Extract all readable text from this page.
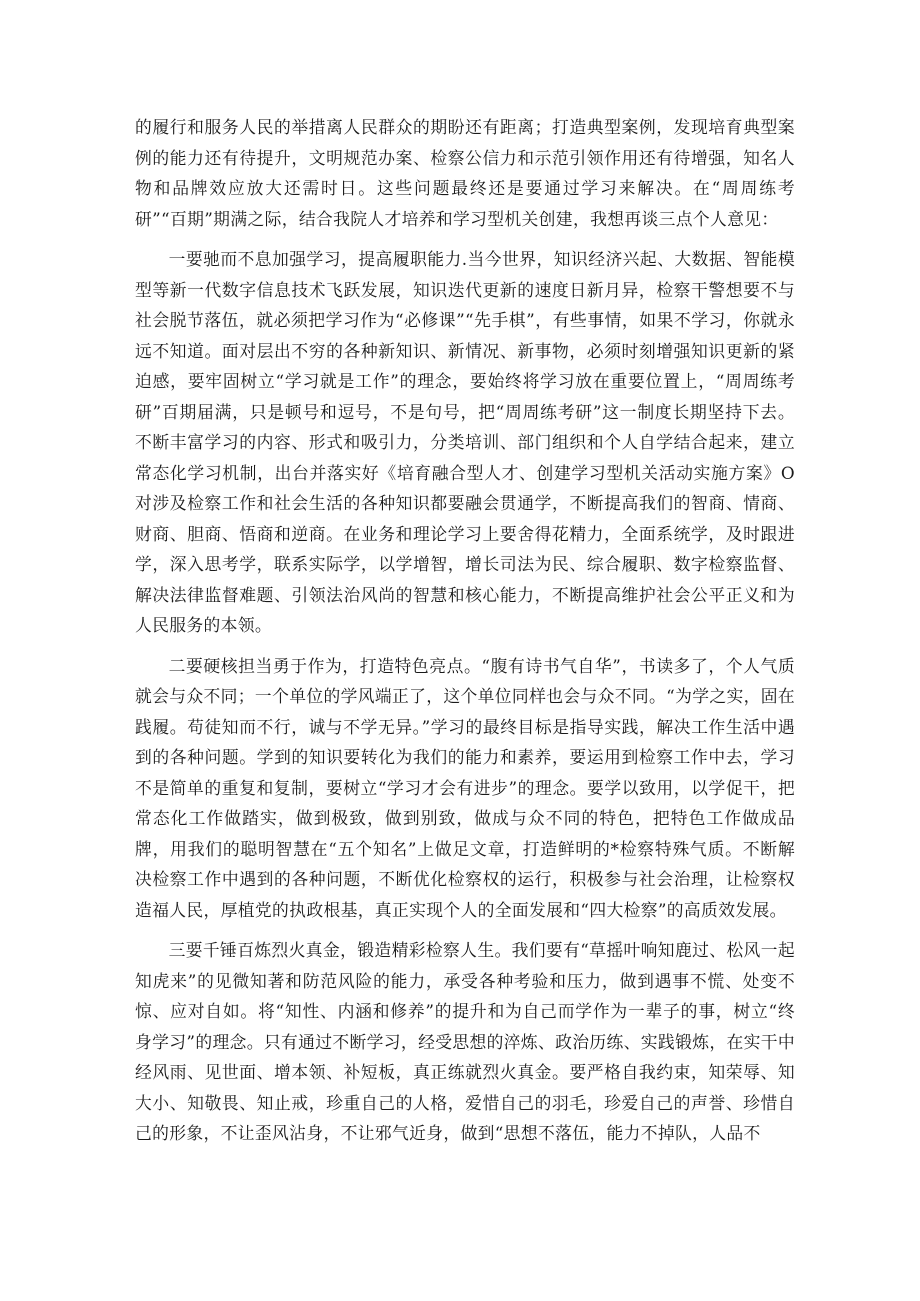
的履行和服务人民的举措离人民群众的期盼还有距离；打造典型案例，发现培育典型案例的能力还有待提升，文明规范办案、检察公信力和示范引领作用还有待增强，知名人物和品牌效应放大还需时日。这些问题最终还是要通过学习来解决。在“周周练考研”“百期”期满之际，结合我院人才培养和学习型机关创建，我想再谈三点个人意见：

一要驰而不息加强学习，提高履职能力.当今世界，知识经济兴起、大数据、智能模型等新一代数字信息技术飞跃发展，知识迭代更新的速度日新月异，检察干警想要不与社会脱节落伍，就必须把学习作为“必修课”“先手棋”，有些事情，如果不学习，你就永远不知道。面对层出不穷的各种新知识、新情况、新事物，必须时刻增强知识更新的紧迫感，要牢固树立“学习就是工作”的理念，要始终将学习放在重要位置上，“周周练考研”百期届满，只是顿号和逗号，不是句号，把“周周练考研”这一制度长期坚持下去。不断丰富学习的内容、形式和吸引力，分类培训、部门组织和个人自学结合起来，建立常态化学习机制，出台并落实好《培育融合型人才、创建学习型机关活动实施方案》O对涉及检察工作和社会生活的各种知识都要融会贯通学，不断提高我们的智商、情商、财商、胆商、悟商和逆商。在业务和理论学习上要舍得花精力，全面系统学，及时跟进学，深入思考学，联系实际学，以学增智，增长司法为民、综合履职、数字检察监督、解决法律监督难题、引领法治风尚的智慧和核心能力，不断提高维护社会公平正义和为人民服务的本领。

二要硬核担当勇于作为，打造特色亮点。“腹有诗书气自华”，书读多了，个人气质就会与众不同；一个单位的学风端正了，这个单位同样也会与众不同。“为学之实，固在践履。苟徒知而不行，诚与不学无异。”学习的最终目标是指导实践，解决工作生活中遇到的各种问题。学到的知识要转化为我们的能力和素养，要运用到检察工作中去，学习不是简单的重复和复制，要树立“学习才会有进步”的理念。要学以致用，以学促干，把常态化工作做踏实，做到极致，做到别致，做成与众不同的特色，把特色工作做成品牌，用我们的聪明智慧在“五个知名”上做足文章，打造鲜明的*检察特殊气质。不断解决检察工作中遇到的各种问题，不断优化检察权的运行，积极参与社会治理，让检察权造福人民，厚植党的执政根基，真正实现个人的全面发展和“四大检察”的高质效发展。

三要千锤百炼烈火真金，锻造精彩检察人生。我们要有“草摇叶响知鹿过、松风一起知虎来”的见微知著和防范风险的能力，承受各种考验和压力，做到遇事不慌、处变不惊、应对自如。将“知性、内涵和修养”的提升和为自己而学作为一辈子的事，树立“终身学习”的理念。只有通过不断学习，经受思想的淬炼、政治历练、实践锻炼，在实干中经风雨、见世面、增本领、补短板，真正练就烈火真金。要严格自我约束，知荣辱、知大小、知敬畏、知止戒，珍重自己的人格，爱惜自己的羽毛，珍爱自己的声誉、珍惜自己的形象，不让歪风沾身，不让邪气近身，做到“思想不落伍，能力不掉队，人品不
